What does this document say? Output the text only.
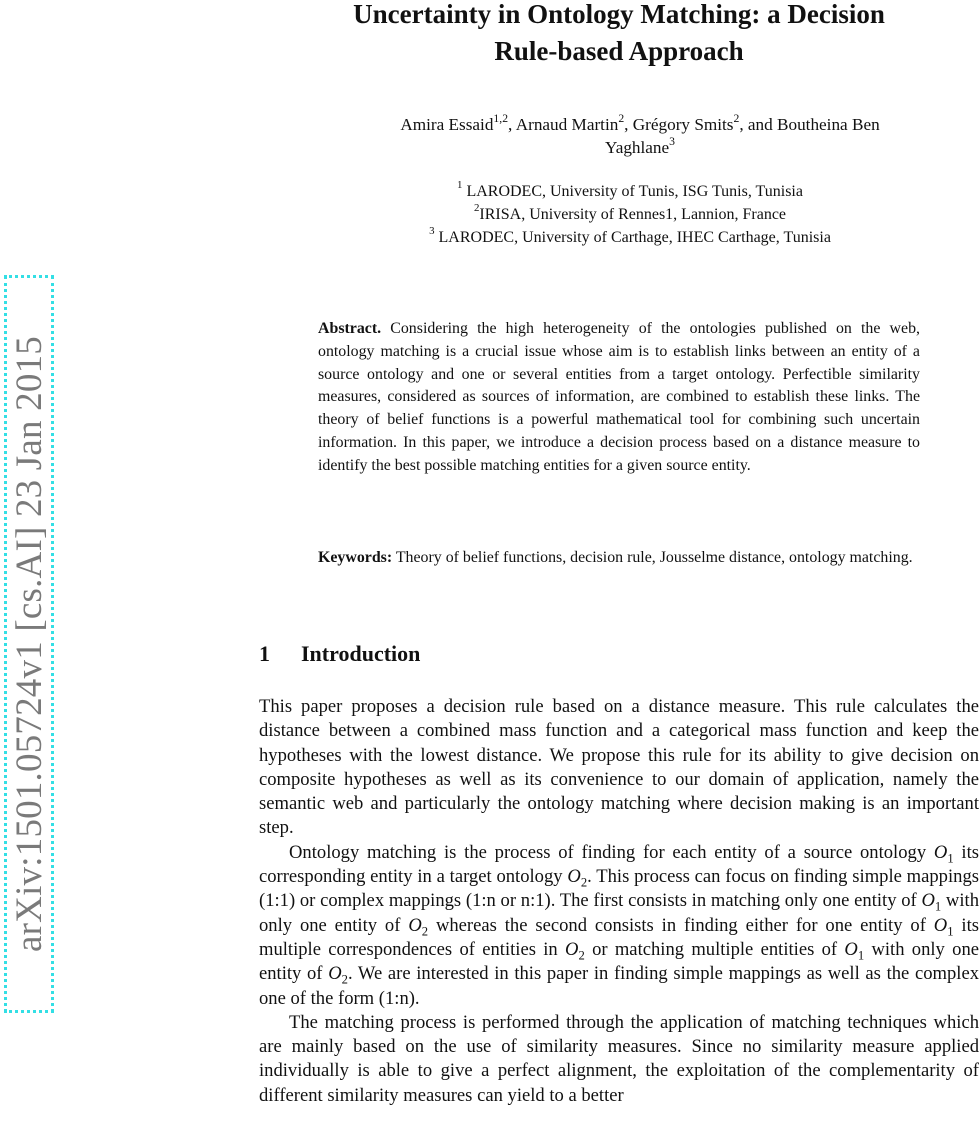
arXiv:1501.05724v1 [cs.AI] 23 Jan 2015
Uncertainty in Ontology Matching: a Decision
Rule-based Approach
Amira Essaid$^{1,2}$, Arnaud Martin$^2$, Grégory Smits$^2$, and Boutheina Ben
Yaghlane$^3$
$^1$ LARODEC, University of Tunis, ISG Tunis, Tunisia
$^2$IRISA, University of Rennes1, Lannion, France
$^3$ LARODEC, University of Carthage, IHEC Carthage, Tunisia
Abstract. Considering the high heterogeneity of the ontologies published on the web, ontology matching is a crucial issue whose aim is to establish links between an entity of a source ontology and one or several entities from a target ontology. Perfectible similarity measures, considered as sources of information, are combined to establish these links. The theory of belief functions is a powerful mathematical tool for combining such uncertain information. In this paper, we introduce a decision process based on a distance measure to identify the best possible matching entities for a given source entity.
Keywords: Theory of belief functions, decision rule, Jousselme distance, ontology matching.
1 Introduction

This paper proposes a decision rule based on a distance measure. This rule calculates the distance between a combined mass function and a categorical mass function and keep the hypotheses with the lowest distance. We propose this rule for its ability to give decision on composite hypotheses as well as its convenience to our domain of application, namely the semantic web and particularly the ontology matching where decision making is an important step.

Ontology matching is the process of finding for each entity of a source ontology $O_1$ its corresponding entity in a target ontology $O_2$. This process can focus on finding simple mappings (1:1) or complex mappings (1:n or n:1). The first consists in matching only one entity of $O_1$ with only one entity of $O_2$ whereas the second consists in finding either for one entity of $O_1$ its multiple correspondences of entities in $O_2$ or matching multiple entities of $O_1$ with only one entity of $O_2$. We are interested in this paper in finding simple mappings as well as the complex one of the form (1:n).

The matching process is performed through the application of matching techniques which are mainly based on the use of similarity measures. Since no similarity measure applied individually is able to give a perfect alignment, the exploitation of the complementarity of different similarity measures can yield to a better
